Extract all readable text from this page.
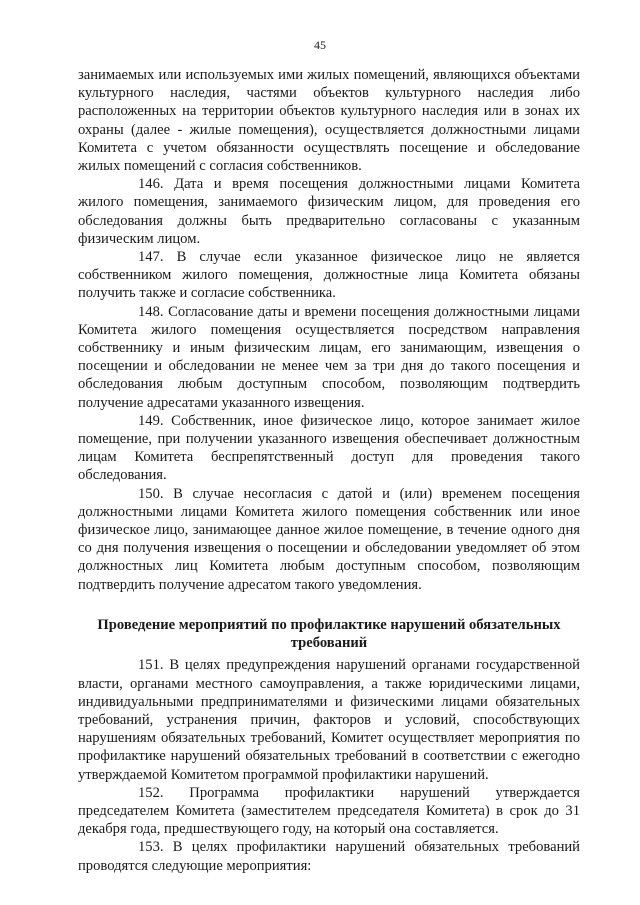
45

занимаемых или используемых ими жилых помещений, являющихся объектами культурного наследия, частями объектов культурного наследия либо расположенных на территории объектов культурного наследия или в зонах их охраны (далее - жилые помещения), осуществляется должностными лицами Комитета с учетом обязанности осуществлять посещение и обследование жилых помещений с согласия собственников.

146. Дата и время посещения должностными лицами Комитета жилого помещения, занимаемого физическим лицом, для проведения его обследования должны быть предварительно согласованы с указанным физическим лицом.

147. В случае если указанное физическое лицо не является собственником жилого помещения, должностные лица Комитета обязаны получить также и согласие собственника.

148. Согласование даты и времени посещения должностными лицами Комитета жилого помещения осуществляется посредством направления собственнику и иным физическим лицам, его занимающим, извещения о посещении и обследовании не менее чем за три дня до такого посещения и обследования любым доступным способом, позволяющим подтвердить получение адресатами указанного извещения.

149. Собственник, иное физическое лицо, которое занимает жилое помещение, при получении указанного извещения обеспечивает должностным лицам Комитета беспрепятственный доступ для проведения такого обследования.

150. В случае несогласия с датой и (или) временем посещения должностными лицами Комитета жилого помещения собственник или иное физическое лицо, занимающее данное жилое помещение, в течение одного дня со дня получения извещения о посещении и обследовании уведомляет об этом должностных лиц Комитета любым доступным способом, позволяющим подтвердить получение адресатом такого уведомления.

Проведение мероприятий по профилактике нарушений обязательных требований

151. В целях предупреждения нарушений органами государственной власти, органами местного самоуправления, а также юридическими лицами, индивидуальными предпринимателями и физическими лицами обязательных требований, устранения причин, факторов и условий, способствующих нарушениям обязательных требований, Комитет осуществляет мероприятия по профилактике нарушений обязательных требований в соответствии с ежегодно утверждаемой Комитетом программой профилактики нарушений.

152. Программа профилактики нарушений утверждается председателем Комитета (заместителем председателя Комитета) в срок до 31 декабря года, предшествующего году, на который она составляется.

153. В целях профилактики нарушений обязательных требований проводятся следующие мероприятия:
